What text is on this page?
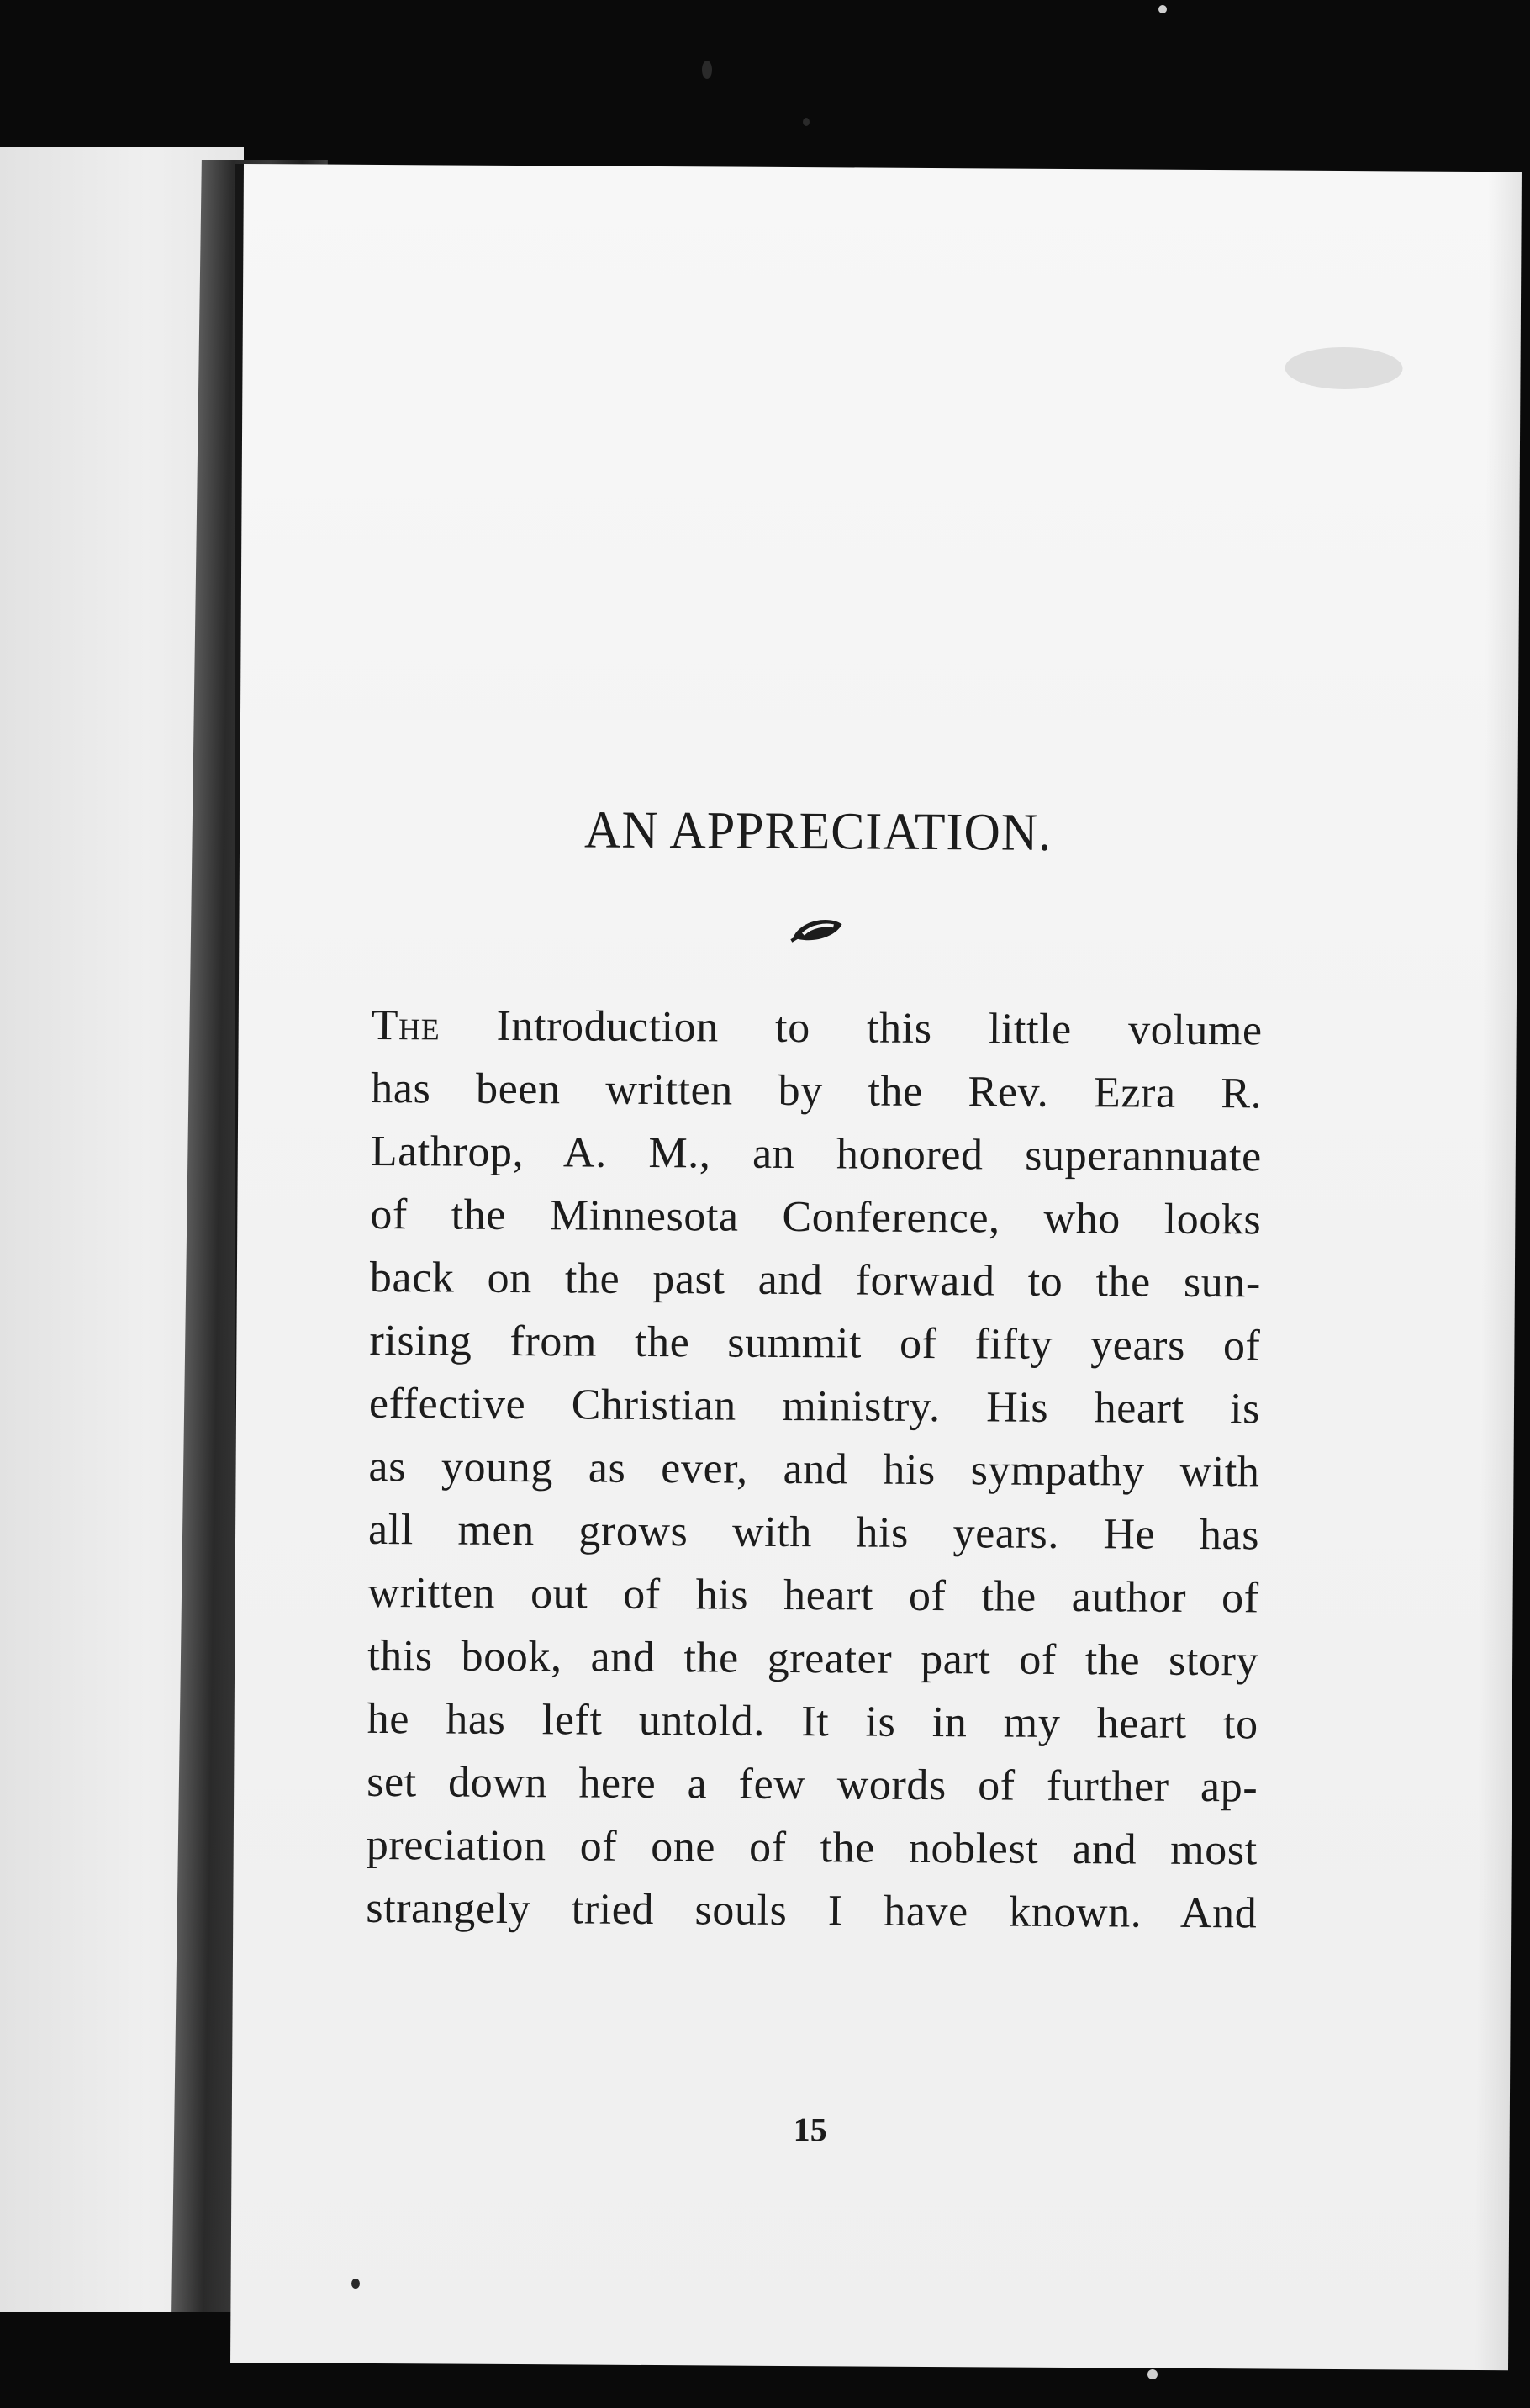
AN APPRECIATION.
The Introduction to this little volume
has been written by the Rev. Ezra R.
Lathrop, A. M., an honored superannuate
of the Minnesota Conference, who looks
back on the past and forwaıd to the sun-
rising from the summit of fifty years of
effective Christian ministry. His heart is
as young as ever, and his sympathy with
all men grows with his years. He has
written out of his heart of the author of
this book, and the greater part of the story
he has left untold. It is in my heart to
set down here a few words of further ap-
preciation of one of the noblest and most
strangely tried souls I have known. And
15
